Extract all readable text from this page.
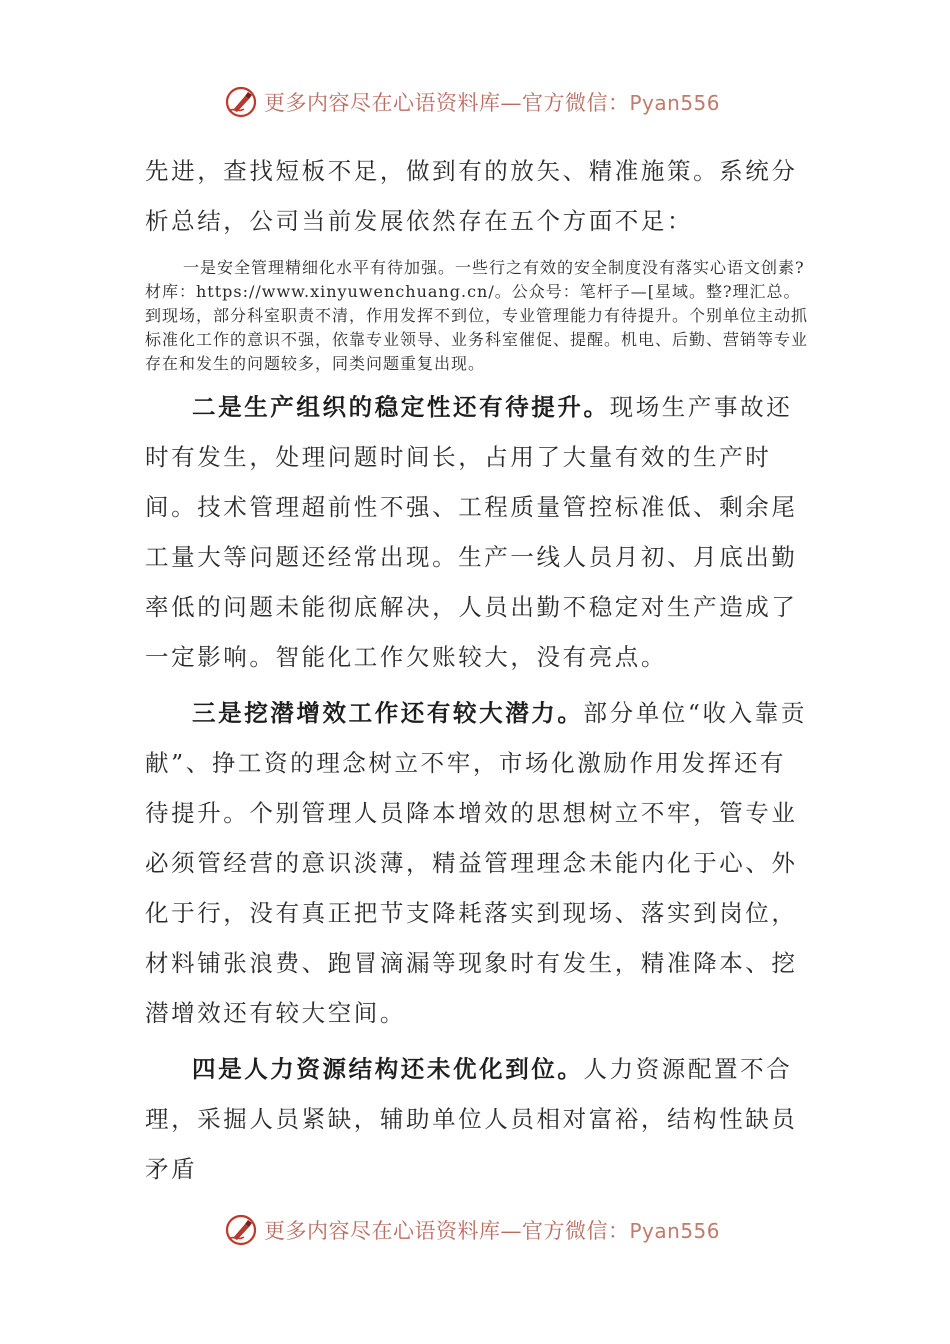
更多内容尽在心语资料库—官方微信：Pyan556

先进，查找短板不足，做到有的放矢、精准施策。系统分析总结，公司当前发展依然存在五个方面不足：

一是安全管理精细化水平有待加强。一些行之有效的安全制度没有落实心语文创素?材库：https://www.xinyuwenchuang.cn/。公众号：笔杆子—[星域。整?理汇总。到现场，部分科室职责不清，作用发挥不到位，专业管理能力有待提升。个别单位主动抓标准化工作的意识不强，依靠专业领导、业务科室催促、提醒。机电、后勤、营销等专业存在和发生的问题较多，同类问题重复出现。

二是生产组织的稳定性还有待提升。现场生产事故还时有发生，处理问题时间长，占用了大量有效的生产时间。技术管理超前性不强、工程质量管控标准低、剩余尾工量大等问题还经常出现。生产一线人员月初、月底出勤率低的问题未能彻底解决，人员出勤不稳定对生产造成了一定影响。智能化工作欠账较大，没有亮点。

三是挖潜增效工作还有较大潜力。部分单位“收入靠贡献”、挣工资的理念树立不牢，市场化激励作用发挥还有待提升。个别管理人员降本增效的思想树立不牢，管专业必须管经营的意识淡薄，精益管理理念未能内化于心、外化于行，没有真正把节支降耗落实到现场、落实到岗位，材料铺张浪费、跑冒滴漏等现象时有发生，精准降本、挖潜增效还有较大空间。

四是人力资源结构还未优化到位。人力资源配置不合理，采掘人员紧缺，辅助单位人员相对富裕，结构性缺员矛盾

更多内容尽在心语资料库—官方微信：Pyan556
